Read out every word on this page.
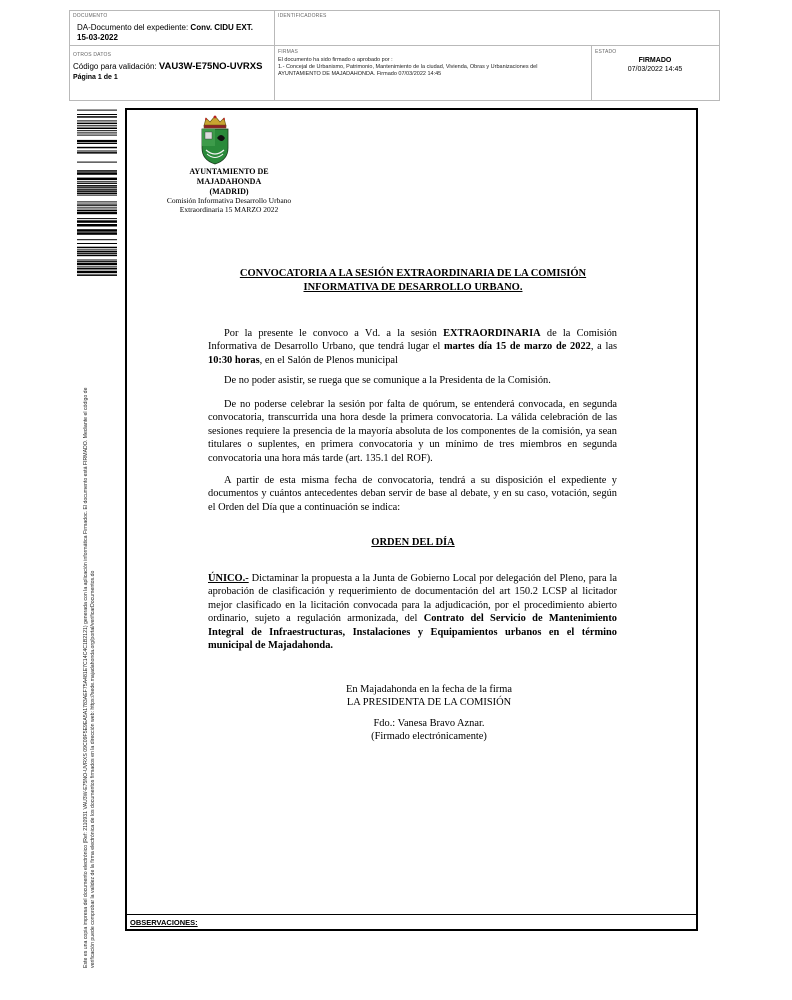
DOCUMENTO
DA-Documento del expediente: Conv. CIDU EXT.
15-03-2022
IDENTIFICADORES
OTROS DATOS
Código para validación: VAU3W-E75NO-UVRXS
Página 1 de 1
FIRMAS
El documento ha sido firmado o aprobado por :
1.- Concejal de Urbanismo, Patrimonio, Mantenimiento de la ciudad, Vivienda, Obras y Urbanizaciones del
AYUNTAMIENTO DE MAJADAHONDA. Firmado 07/03/2022 14:45
ESTADO
FIRMADO
07/03/2022 14:45
Este es una copia impresa del documento electrónico (Ref: 2110931 VAU3W-E75NO-UVRXS 09C09F5E9EA5A1783AEF75A481E7C14C4C1B2121) generada con la aplicación informática Firmadoc. El documento está FIRMADO. Mediante el código de verificación puede comprobar la validez de la firma electrónica de los documentos firmados en la dirección web: https://sede.majadahonda.org/portal/verificarDocumentos.do
AYUNTAMIENTO DE
MAJADAHONDA
(MADRID)
Comisión Informativa Desarrollo Urbano
Extraordinaria 15 MARZO 2022
CONVOCATORIA A LA SESIÓN EXTRAORDINARIA DE LA COMISIÓN
INFORMATIVA DE DESARROLLO URBANO.
Por la presente le convoco a Vd. a la sesión EXTRAORDINARIA de la Comisión Informativa de Desarrollo Urbano, que tendrá lugar el martes día 15 de marzo de 2022, a las 10:30 horas, en el Salón de Plenos municipal
De no poder asistir, se ruega que se comunique a la Presidenta de la Comisión.
De no poderse celebrar la sesión por falta de quórum, se entenderá convocada, en segunda convocatoria, transcurrida una hora desde la primera convocatoria. La válida celebración de las sesiones requiere la presencia de la mayoría absoluta de los componentes de la comisión, ya sean titulares o suplentes, en primera convocatoria y un mínimo de tres miembros en segunda convocatoria una hora más tarde (art. 135.1 del ROF).
A partir de esta misma fecha de convocatoria, tendrá a su disposición el expediente y documentos y cuántos antecedentes deban servir de base al debate, y en su caso, votación, según el Orden del Día que a continuación se indica:
ORDEN DEL DÍA
ÚNICO.- Dictaminar la propuesta a la Junta de Gobierno Local por delegación del Pleno, para la aprobación de clasificación y requerimiento de documentación del art 150.2 LCSP al licitador mejor clasificado en la licitación convocada para la adjudicación, por el procedimiento abierto ordinario, sujeto a regulación armonizada, del Contrato del Servicio de Mantenimiento Integral de Infraestructuras, Instalaciones y Equipamientos urbanos en el término municipal de Majadahonda.
En Majadahonda en la fecha de la firma
LA PRESIDENTA DE LA COMISIÓN
Fdo.: Vanesa Bravo Aznar.
(Firmado electrónicamente)
OBSERVACIONES:
